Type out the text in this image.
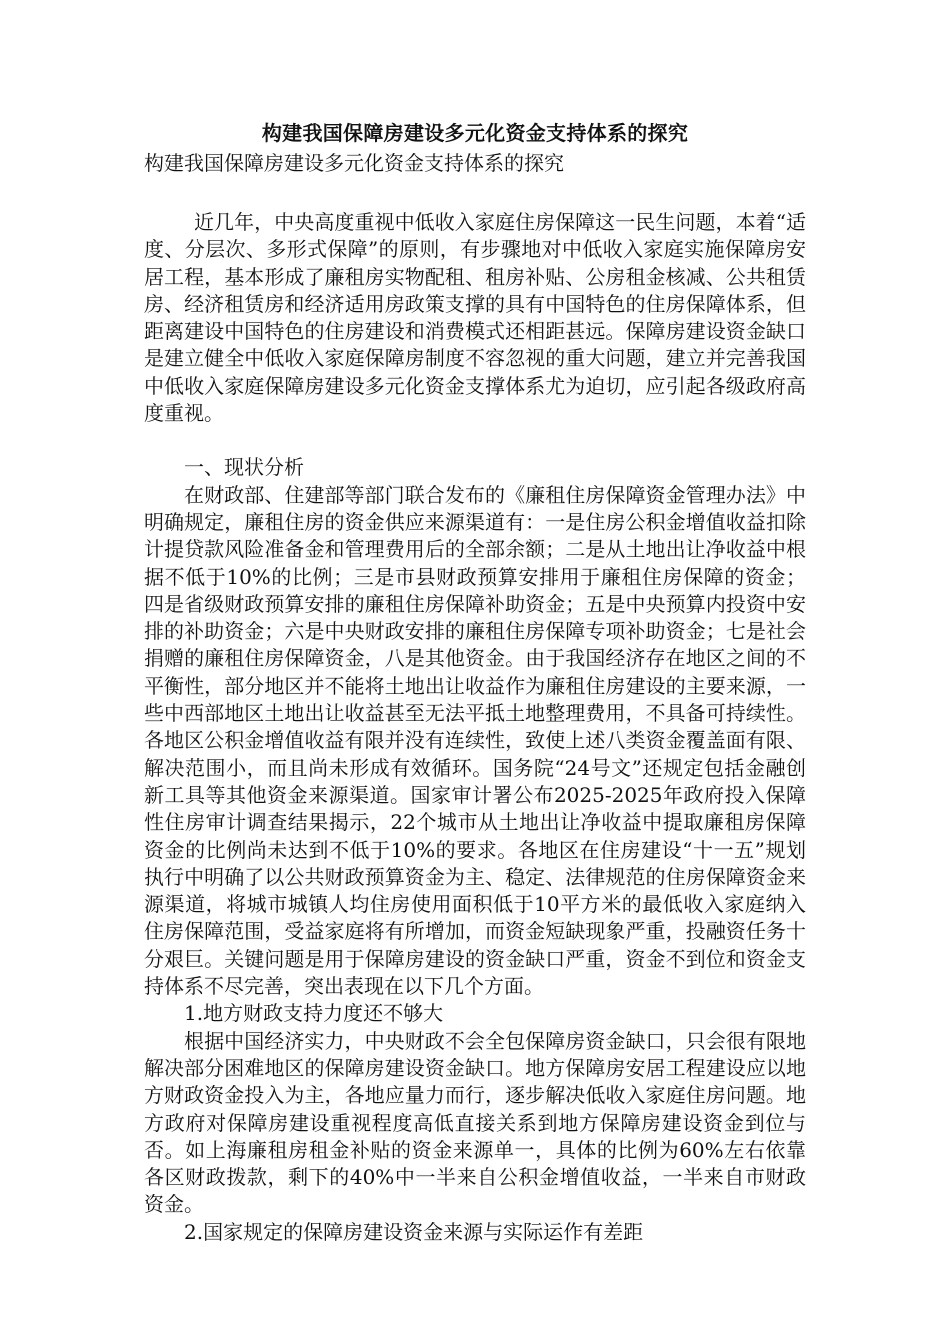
构建我国保障房建设多元化资金支持体系的探究

构建我国保障房建设多元化资金支持体系的探究

近几年，中央高度重视中低收入家庭住房保障这一民生问题，本着“适度、分层次、多形式保障”的原则，有步骤地对中低收入家庭实施保障房安居工程，基本形成了廉租房实物配租、租房补贴、公房租金核减、公共租赁房、经济租赁房和经济适用房政策支撑的具有中国特色的住房保障体系，但距离建设中国特色的住房建设和消费模式还相距甚远。保障房建设资金缺口是建立健全中低收入家庭保障房制度不容忽视的重大问题，建立并完善我国中低收入家庭保障房建设多元化资金支撑体系尤为迫切，应引起各级政府高度重视。

一、现状分析

在财政部、住建部等部门联合发布的《廉租住房保障资金管理办法》中明确规定，廉租住房的资金供应来源渠道有：一是住房公积金增值收益扣除计提贷款风险准备金和管理费用后的全部余额；二是从土地出让净收益中根据不低于10%的比例；三是市县财政预算安排用于廉租住房保障的资金；四是省级财政预算安排的廉租住房保障补助资金；五是中央预算内投资中安排的补助资金；六是中央财政安排的廉租住房保障专项补助资金；七是社会捐赠的廉租住房保障资金，八是其他资金。由于我国经济存在地区之间的不平衡性，部分地区并不能将土地出让收益作为廉租住房建设的主要来源，一些中西部地区土地出让收益甚至无法平抵土地整理费用，不具备可持续性。各地区公积金增值收益有限并没有连续性，致使上述八类资金覆盖面有限、解决范围小，而且尚未形成有效循环。国务院“24号文”还规定包括金融创新工具等其他资金来源渠道。国家审计署公布2025-2025年政府投入保障性住房审计调查结果揭示，22个城市从土地出让净收益中提取廉租房保障资金的比例尚未达到不低于10%的要求。各地区在住房建设“十一五”规划执行中明确了以公共财政预算资金为主、稳定、法律规范的住房保障资金来源渠道，将城市城镇人均住房使用面积低于10平方米的最低收入家庭纳入住房保障范围，受益家庭将有所增加，而资金短缺现象严重，投融资任务十分艰巨。关键问题是用于保障房建设的资金缺口严重，资金不到位和资金支持体系不尽完善，突出表现在以下几个方面。

1.地方财政支持力度还不够大

根据中国经济实力，中央财政不会全包保障房资金缺口，只会很有限地解决部分困难地区的保障房建设资金缺口。地方保障房安居工程建设应以地方财政资金投入为主，各地应量力而行，逐步解决低收入家庭住房问题。地方政府对保障房建设重视程度高低直接关系到地方保障房建设资金到位与否。如上海廉租房租金补贴的资金来源单一，具体的比例为60%左右依靠各区财政拨款，剩下的40%中一半来自公积金增值收益，一半来自市财政资金。

2.国家规定的保障房建设资金来源与实际运作有差距
